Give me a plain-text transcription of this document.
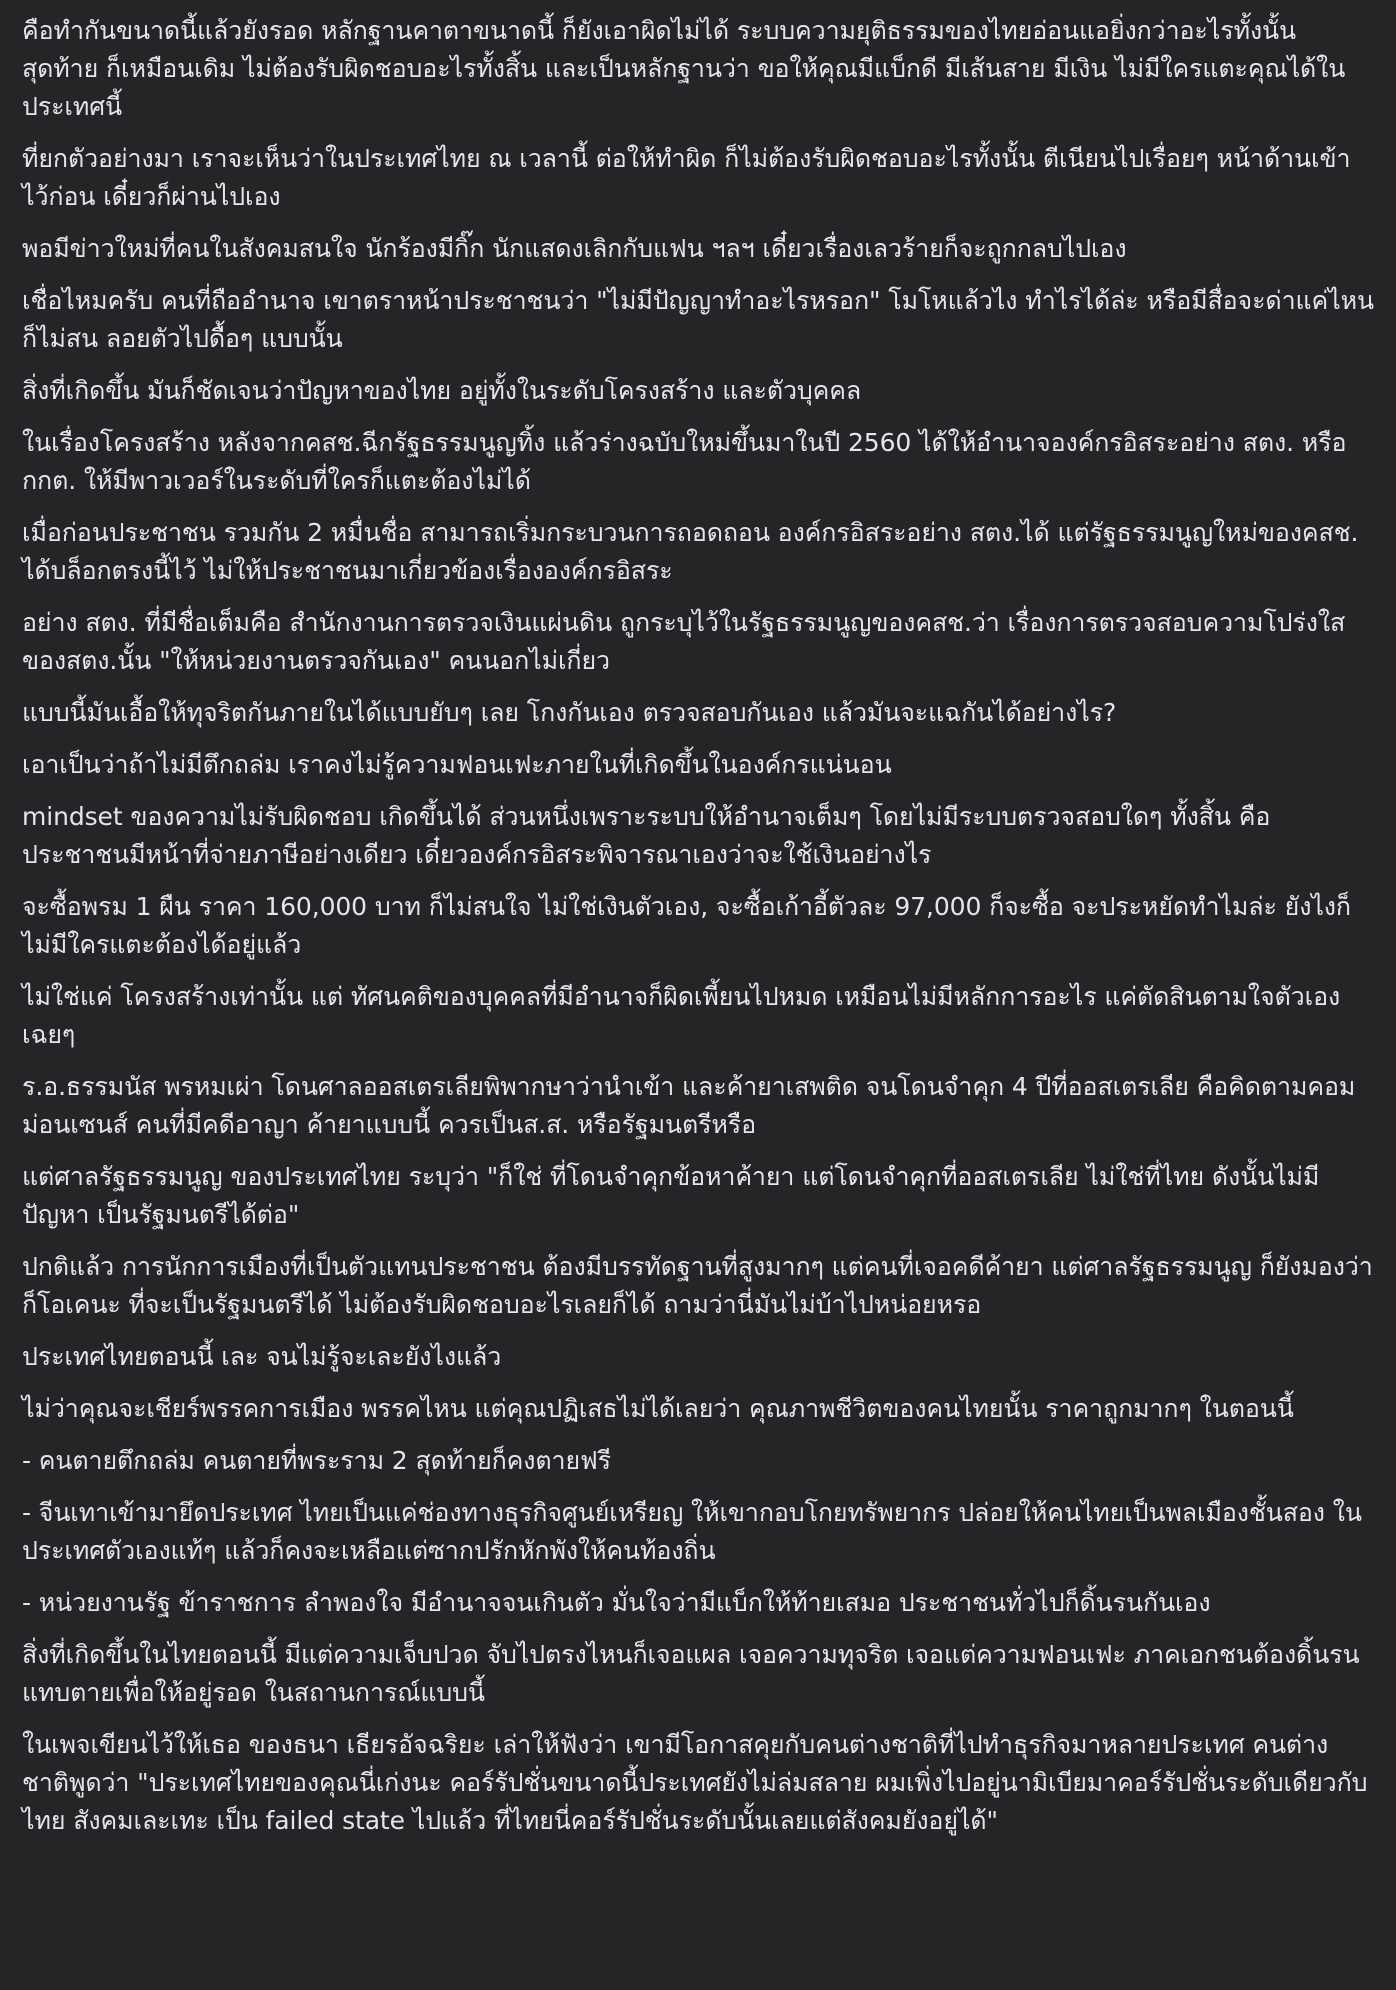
คือทำกันขนาดนี้แล้วยังรอด หลักฐานคาตาขนาดนี้ ก็ยังเอาผิดไม่ได้ ระบบความยุติธรรมของไทยอ่อนแอยิ่งกว่าอะไรทั้งนั้น สุดท้าย ก็เหมือนเดิม ไม่ต้องรับผิดชอบอะไรทั้งสิ้น และเป็นหลักฐานว่า ขอให้คุณมีแบ็กดี มีเส้นสาย มีเงิน ไม่มีใครแตะคุณได้ในประเทศนี้

ที่ยกตัวอย่างมา เราจะเห็นว่าในประเทศไทย ณ เวลานี้ ต่อให้ทำผิด ก็ไม่ต้องรับผิดชอบอะไรทั้งนั้น ตีเนียนไปเรื่อยๆ หน้าด้านเข้าไว้ก่อน เดี๋ยวก็ผ่านไปเอง

พอมีข่าวใหม่ที่คนในสังคมสนใจ นักร้องมีกิ๊ก นักแสดงเลิกกับแฟน ฯลฯ เดี๋ยวเรื่องเลวร้ายก็จะถูกกลบไปเอง

เชื่อไหมครับ คนที่ถืออำนาจ เขาตราหน้าประชาชนว่า "ไม่มีปัญญาทำอะไรหรอก" โมโหแล้วไง ทำไรได้ล่ะ หรือมีสื่อจะด่าแค่ไหน ก็ไม่สน ลอยตัวไปดื้อๆ แบบนั้น

สิ่งที่เกิดขึ้น มันก็ชัดเจนว่าปัญหาของไทย อยู่ทั้งในระดับโครงสร้าง และตัวบุคคล

ในเรื่องโครงสร้าง หลังจากคสช.ฉีกรัฐธรรมนูญทิ้ง แล้วร่างฉบับใหม่ขึ้นมาในปี 2560 ได้ให้อำนาจองค์กรอิสระอย่าง สตง. หรือ กกต. ให้มีพาวเวอร์ในระดับที่ใครก็แตะต้องไม่ได้

เมื่อก่อนประชาชน รวมกัน 2 หมื่นชื่อ สามารถเริ่มกระบวนการถอดถอน องค์กรอิสระอย่าง สตง.ได้ แต่รัฐธรรมนูญใหม่ของคสช. ได้บล็อกตรงนี้ไว้ ไม่ให้ประชาชนมาเกี่ยวข้องเรื่ององค์กรอิสระ

อย่าง สตง. ที่มีชื่อเต็มคือ สำนักงานการตรวจเงินแผ่นดิน ถูกระบุไว้ในรัฐธรรมนูญของคสช.ว่า เรื่องการตรวจสอบความโปร่งใสของสตง.นั้น "ให้หน่วยงานตรวจกันเอง" คนนอกไม่เกี่ยว

แบบนี้มันเอื้อให้ทุจริตกันภายในได้แบบยับๆ เลย โกงกันเอง ตรวจสอบกันเอง แล้วมันจะแฉกันได้อย่างไร?

เอาเป็นว่าถ้าไม่มีตึกถล่ม เราคงไม่รู้ความฟอนเฟะภายในที่เกิดขึ้นในองค์กรแน่นอน

mindset ของความไม่รับผิดชอบ เกิดขึ้นได้ ส่วนหนึ่งเพราะระบบให้อำนาจเต็มๆ โดยไม่มีระบบตรวจสอบใดๆ ทั้งสิ้น คือประชาชนมีหน้าที่จ่ายภาษีอย่างเดียว เดี๋ยวองค์กรอิสระพิจารณาเองว่าจะใช้เงินอย่างไร

จะซื้อพรม 1 ผืน ราคา 160,000 บาท ก็ไม่สนใจ ไม่ใช่เงินตัวเอง, จะซื้อเก้าอี้ตัวละ 97,000 ก็จะซื้อ จะประหยัดทำไมล่ะ ยังไงก็ไม่มีใครแตะต้องได้อยู่แล้ว

ไม่ใช่แค่ โครงสร้างเท่านั้น แต่ ทัศนคติของบุคคลที่มีอำนาจก็ผิดเพี้ยนไปหมด เหมือนไม่มีหลักการอะไร แค่ตัดสินตามใจตัวเองเฉยๆ

ร.อ.ธรรมนัส พรหมเผ่า โดนศาลออสเตรเลียพิพากษาว่านำเข้า และค้ายาเสพติด จนโดนจำคุก 4 ปีที่ออสเตรเลีย คือคิดตามคอมม่อนเซนส์ คนที่มีคดีอาญา ค้ายาแบบนี้ ควรเป็นส.ส. หรือรัฐมนตรีหรือ

แต่ศาลรัฐธรรมนูญ ของประเทศไทย ระบุว่า "ก็ใช่ ที่โดนจำคุกข้อหาค้ายา แต่โดนจำคุกที่ออสเตรเลีย ไม่ใช่ที่ไทย ดังนั้นไม่มีปัญหา เป็นรัฐมนตรีได้ต่อ"

ปกติแล้ว การนักการเมืองที่เป็นตัวแทนประชาชน ต้องมีบรรทัดฐานที่สูงมากๆ แต่คนที่เจอคดีค้ายา แต่ศาลรัฐธรรมนูญ ก็ยังมองว่า ก็โอเคนะ ที่จะเป็นรัฐมนตรีได้ ไม่ต้องรับผิดชอบอะไรเลยก็ได้ ถามว่านี่มันไม่บ้าไปหน่อยหรอ

ประเทศไทยตอนนี้ เละ จนไม่รู้จะเละยังไงแล้ว

ไม่ว่าคุณจะเชียร์พรรคการเมือง พรรคไหน แต่คุณปฏิเสธไม่ได้เลยว่า คุณภาพชีวิตของคนไทยนั้น ราคาถูกมากๆ ในตอนนี้

- คนตายตึกถล่ม คนตายที่พระราม 2 สุดท้ายก็คงตายฟรี

- จีนเทาเข้ามายึดประเทศ ไทยเป็นแค่ช่องทางธุรกิจศูนย์เหรียญ ให้เขากอบโกยทรัพยากร ปล่อยให้คนไทยเป็นพลเมืองชั้นสอง ในประเทศตัวเองแท้ๆ แล้วก็คงจะเหลือแต่ซากปรักหักพังให้คนท้องถิ่น

- หน่วยงานรัฐ ข้าราชการ ลำพองใจ มีอำนาจจนเกินตัว มั่นใจว่ามีแบ็กให้ท้ายเสมอ ประชาชนทั่วไปก็ดิ้นรนกันเอง

สิ่งที่เกิดขึ้นในไทยตอนนี้ มีแต่ความเจ็บปวด จับไปตรงไหนก็เจอแผล เจอความทุจริต เจอแต่ความฟอนเฟะ ภาคเอกชนต้องดิ้นรนแทบตายเพื่อให้อยู่รอด ในสถานการณ์แบบนี้

ในเพจเขียนไว้ให้เธอ ของธนา เธียรอัจฉริยะ เล่าให้ฟังว่า เขามีโอกาสคุยกับคนต่างชาติที่ไปทำธุรกิจมาหลายประเทศ คนต่างชาติพูดว่า "ประเทศไทยของคุณนี่เก่งนะ คอร์รัปชั่นขนาดนี้ประเทศยังไม่ล่มสลาย ผมเพิ่งไปอยู่นามิเบียมาคอร์รัปชั่นระดับเดียวกับไทย สังคมเละเทะ เป็น failed state ไปแล้ว ที่ไทยนี่คอร์รัปชั่นระดับนั้นเลยแต่สังคมยังอยู่ได้"
